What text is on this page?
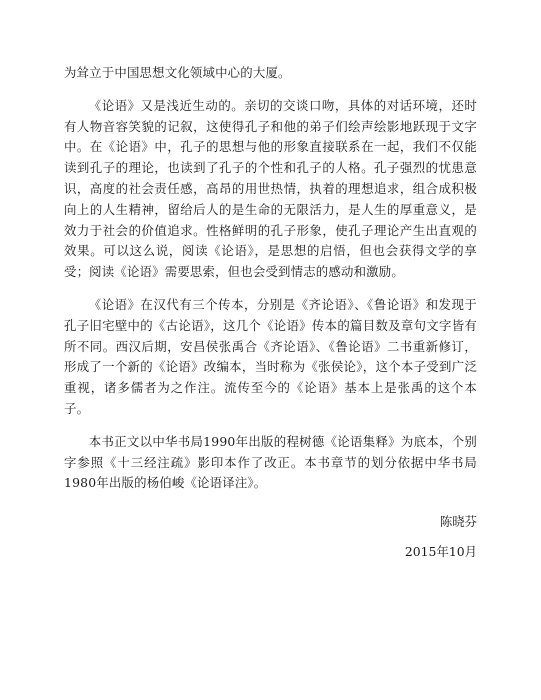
为耸立于中国思想文化领域中心的大厦。

《论语》又是浅近生动的。亲切的交谈口吻，具体的对话环境，还时有人物音容笑貌的记叙，这使得孔子和他的弟子们绘声绘影地跃现于文字中。在《论语》中，孔子的思想与他的形象直接联系在一起，我们不仅能读到孔子的理论，也读到了孔子的个性和孔子的人格。孔子强烈的忧患意识，高度的社会责任感，高昂的用世热情，执着的理想追求，组合成积极向上的人生精神，留给后人的是生命的无限活力，是人生的厚重意义，是效力于社会的价值追求。性格鲜明的孔子形象，使孔子理论产生出直观的效果。可以这么说，阅读《论语》，是思想的启悟，但也会获得文学的享受；阅读《论语》需要思索，但也会受到情志的感动和激励。

《论语》在汉代有三个传本，分别是《齐论语》、《鲁论语》和发现于孔子旧宅壁中的《古论语》，这几个《论语》传本的篇目数及章句文字皆有所不同。西汉后期，安昌侯张禹合《齐论语》、《鲁论语》二书重新修订，形成了一个新的《论语》改编本，当时称为《张侯论》，这个本子受到广泛重视，诸多儒者为之作注。流传至今的《论语》基本上是张禹的这个本子。

本书正文以中华书局1990年出版的程树德《论语集释》为底本，个别字参照《十三经注疏》影印本作了改正。本书章节的划分依据中华书局1980年出版的杨伯峻《论语译注》。

陈晓芬
2015年10月
